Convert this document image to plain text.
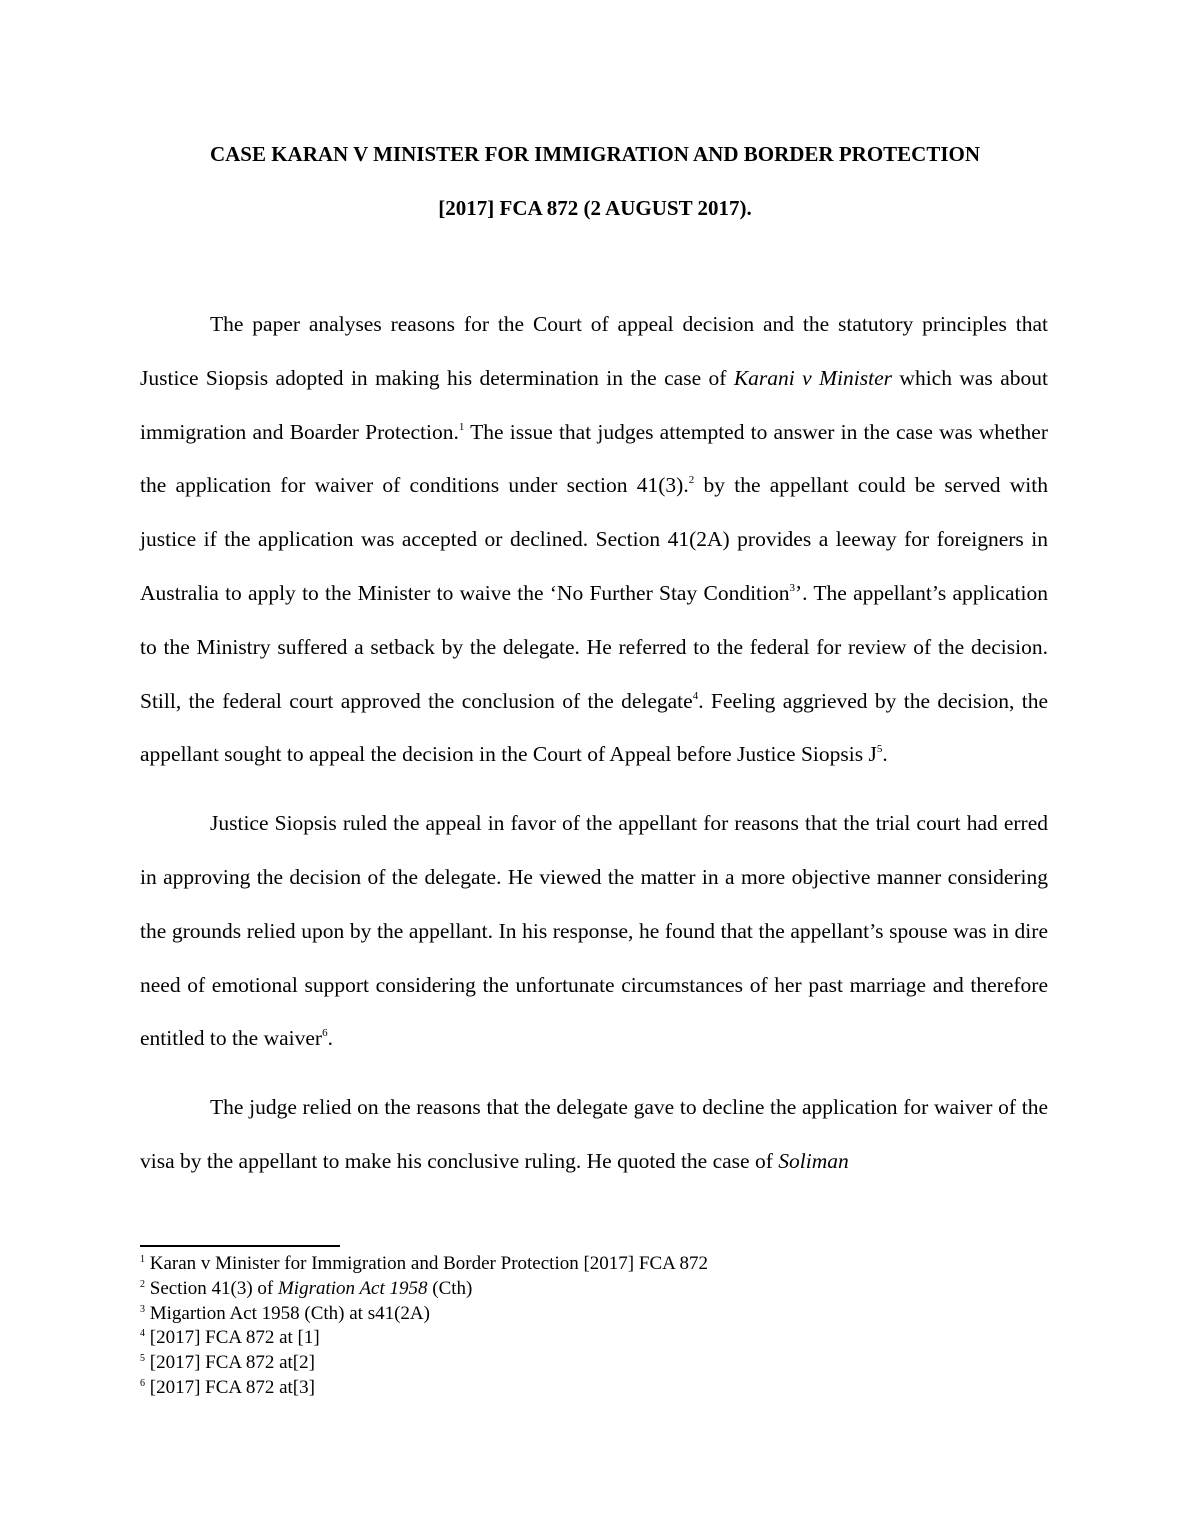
CASE KARAN V MINISTER FOR IMMIGRATION AND BORDER PROTECTION
[2017] FCA 872 (2 AUGUST 2017).

The paper analyses reasons for the Court of appeal decision and the statutory principles that Justice Siopsis adopted in making his determination in the case of Karani v Minister which was about immigration and Boarder Protection.$^1$ The issue that judges attempted to answer in the case was whether the application for waiver of conditions under section 41(3).$^2$ by the appellant could be served with justice if the application was accepted or declined. Section 41(2A) provides a leeway for foreigners in Australia to apply to the Minister to waive the ‘No Further Stay Condition$^3$’. The appellant’s application to the Ministry suffered a setback by the delegate. He referred to the federal for review of the decision. Still, the federal court approved the conclusion of the delegate$^4$. Feeling aggrieved by the decision, the appellant sought to appeal the decision in the Court of Appeal before Justice Siopsis $J^5$.

Justice Siopsis ruled the appeal in favor of the appellant for reasons that the trial court had erred in approving the decision of the delegate. He viewed the matter in a more objective manner considering the grounds relied upon by the appellant. In his response, he found that the appellant’s spouse was in dire need of emotional support considering the unfortunate circumstances of her past marriage and therefore entitled to the waiver$^6$.

The judge relied on the reasons that the delegate gave to decline the application for waiver of the visa by the appellant to make his conclusive ruling. He quoted the case of Soliman

$^1$ Karan v Minister for Immigration and Border Protection [2017] FCA 872
$^2$ Section 41(3) of Migration Act 1958 (Cth)
$^3$ Migartion Act 1958 (Cth) at s41(2A)
$^4$ [2017] FCA 872 at [1]
$^5$ [2017] FCA 872 at[2]
$^6$ [2017] FCA 872 at[3]
